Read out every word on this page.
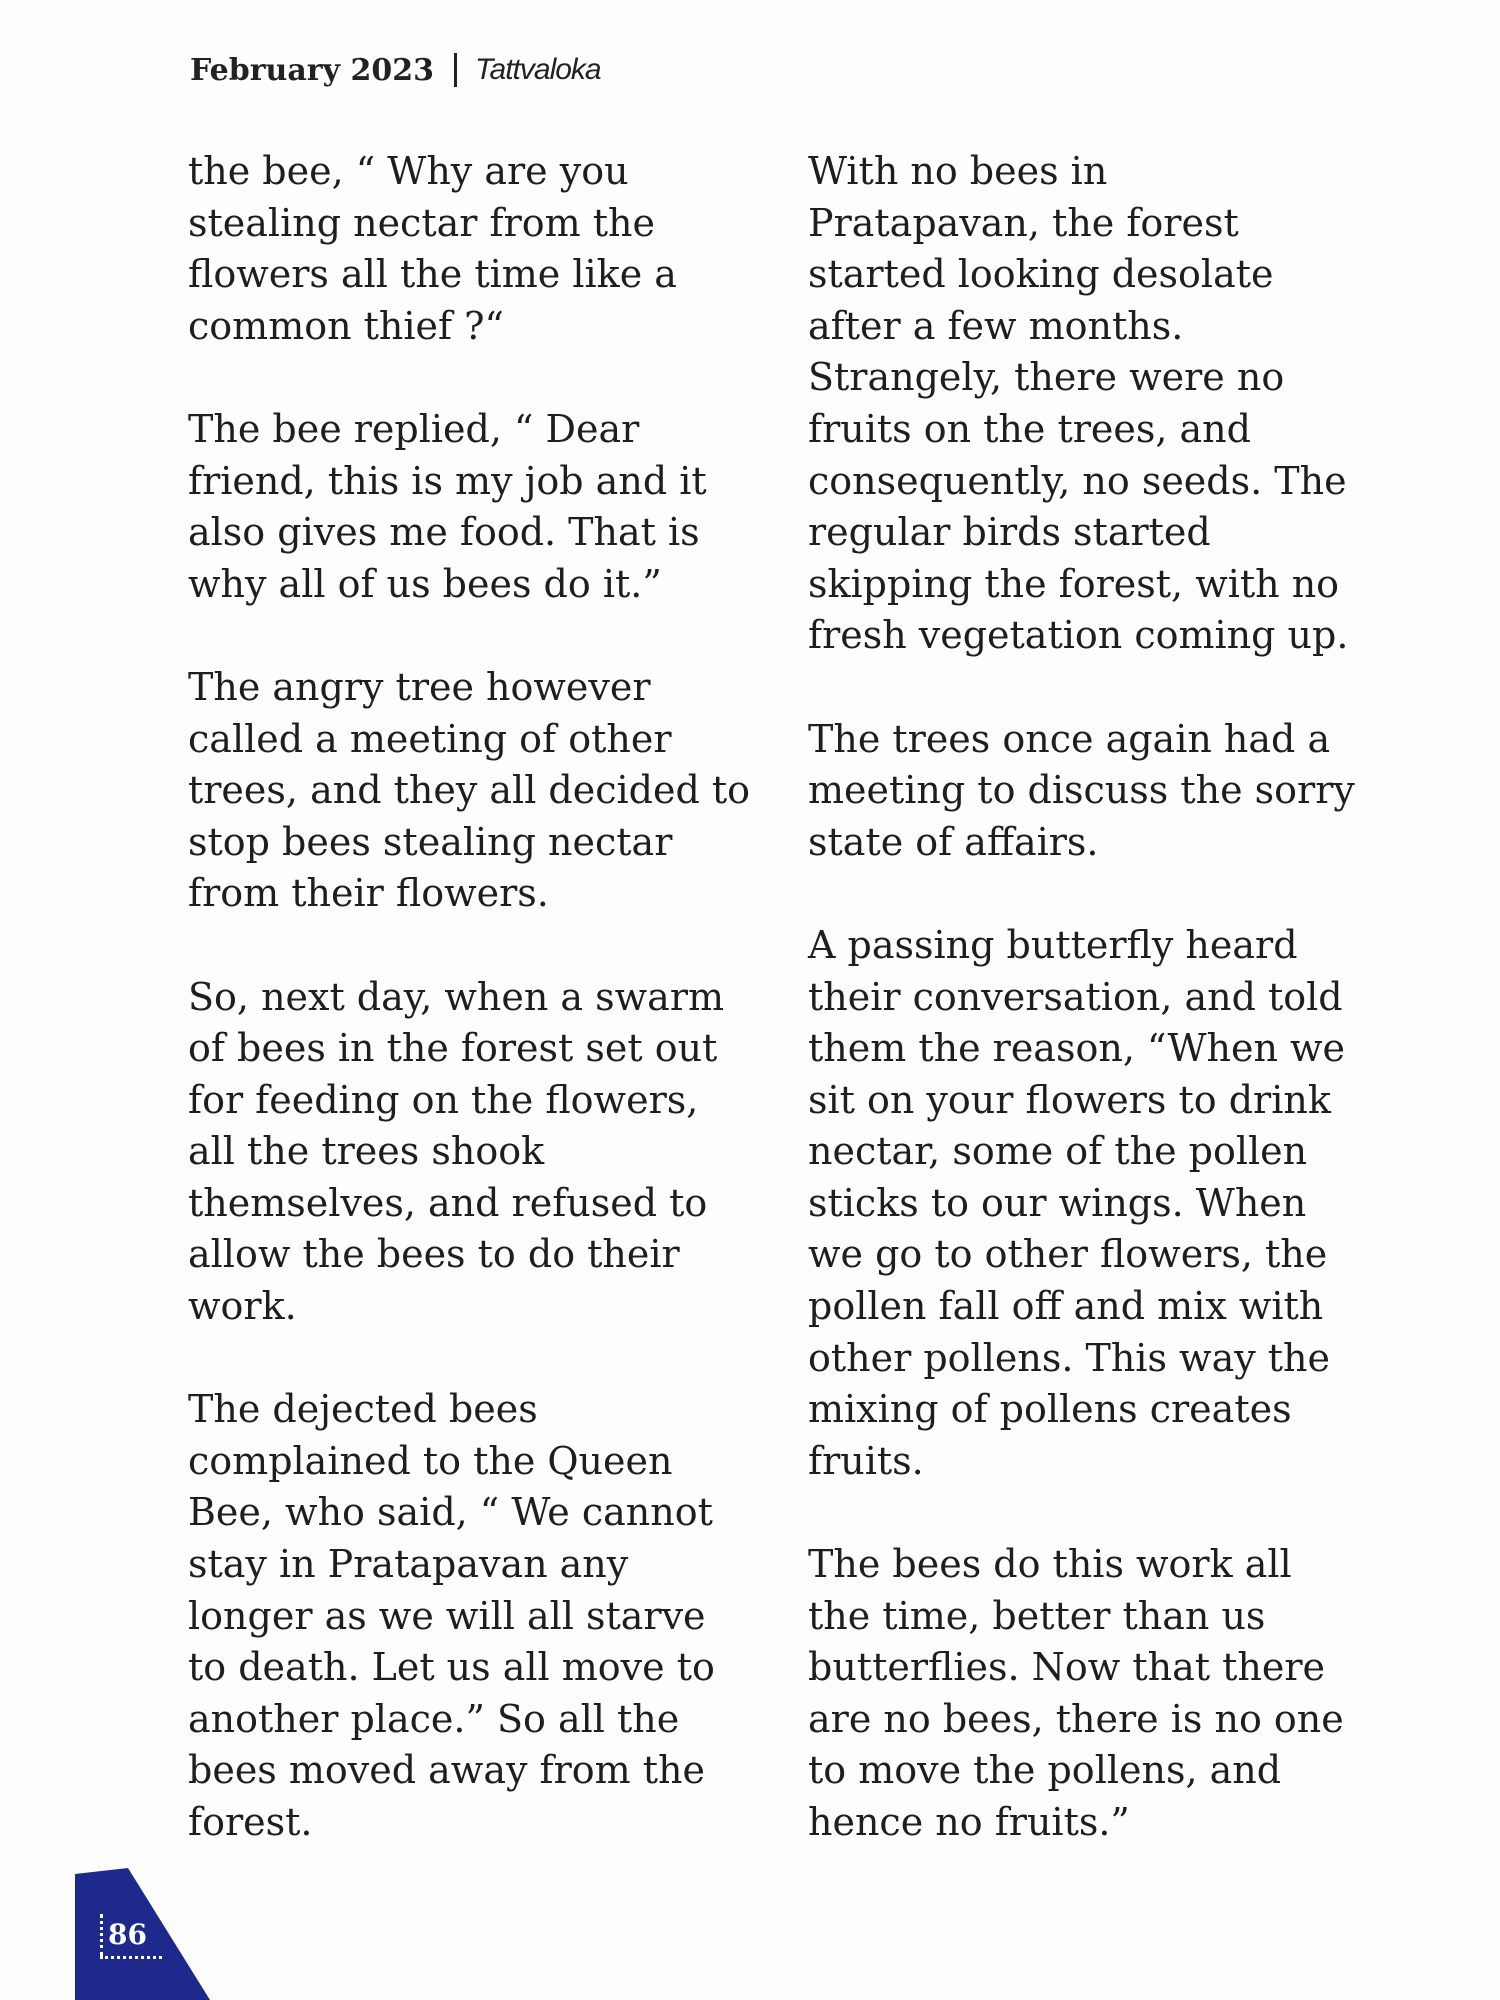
February 2023 Tattvaloka

the bee, “ Why are you
stealing nectar from the
flowers all the time like a
common thief ?“

The bee replied, “ Dear
friend, this is my job and it
also gives me food. That is
why all of us bees do it.”

The angry tree however
called a meeting of other
trees, and they all decided to
stop bees stealing nectar
from their flowers.

So, next day, when a swarm
of bees in the forest set out
for feeding on the flowers,
all the trees shook
themselves, and refused to
allow the bees to do their
work.

The dejected bees
complained to the Queen
Bee, who said, “ We cannot
stay in Pratapavan any
longer as we will all starve
to death. Let us all move to
another place.” So all the
bees moved away from the
forest.

With no bees in
Pratapavan, the forest
started looking desolate
after a few months.
Strangely, there were no
fruits on the trees, and
consequently, no seeds. The
regular birds started
skipping the forest, with no
fresh vegetation coming up.

The trees once again had a
meeting to discuss the sorry
state of affairs.

A passing butterfly heard
their conversation, and told
them the reason, “When we
sit on your flowers to drink
nectar, some of the pollen
sticks to our wings. When
we go to other flowers, the
pollen fall off and mix with
other pollens. This way the
mixing of pollens creates
fruits.

The bees do this work all
the time, better than us
butterflies. Now that there
are no bees, there is no one
to move the pollens, and
hence no fruits.”

86
